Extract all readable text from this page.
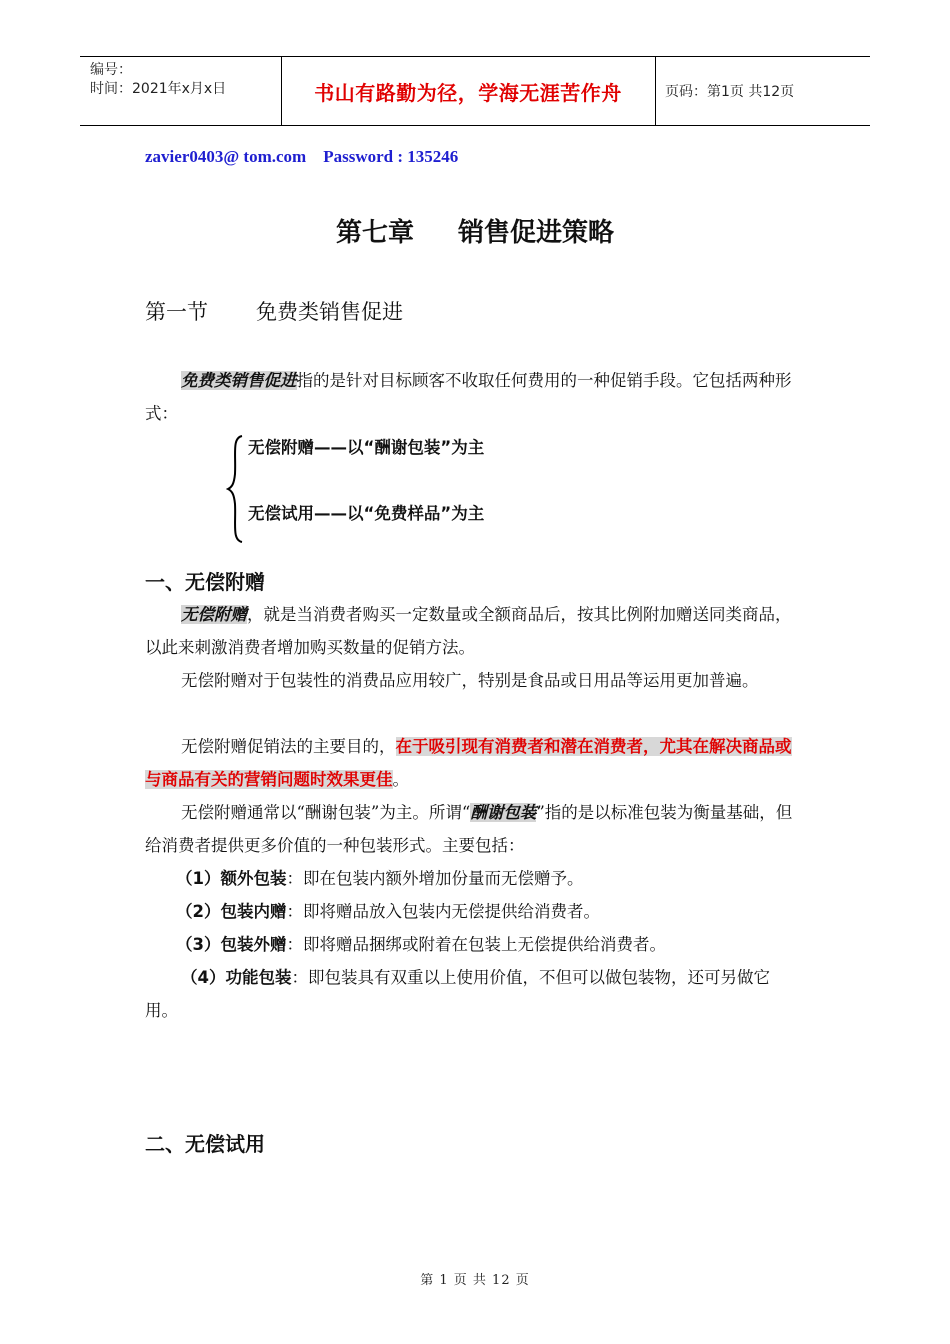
编号：
时间：2021年x月x日	书山有路勤为径，学海无涯苦作舟	页码：第1页 共12页
zavier0403@ tom.com    Password : 135246
第七章 销售促进策略
第一节 免费类销售促进
免费类销售促进指的是针对目标顾客不收取任何费用的一种促销手段。它包括两种形式：
无偿附赠——以“酬谢包装”为主
无偿试用——以“免费样品”为主
一、无偿附赠
无偿附赠，就是当消费者购买一定数量或全额商品后，按其比例附加赠送同类商品，以此来刺激消费者增加购买数量的促销方法。
无偿附赠对于包装性的消费品应用较广，特别是食品或日用品等运用更加普遍。
无偿附赠促销法的主要目的，在于吸引现有消费者和潜在消费者，尤其在解决商品或与商品有关的营销问题时效果更佳。
无偿附赠通常以“酬谢包装”为主。所谓“酬谢包装”指的是以标准包装为衡量基础，但给消费者提供更多价值的一种包装形式。主要包括：
（1）额外包装：即在包装内额外增加份量而无偿赠予。
（2）包装内赠：即将赠品放入包装内无偿提供给消费者。
（3）包装外赠：即将赠品捆绑或附着在包装上无偿提供给消费者。
（4）功能包装：即包装具有双重以上使用价值，不但可以做包装物，还可另做它用。
二、无偿试用
第 1 页 共 12 页
